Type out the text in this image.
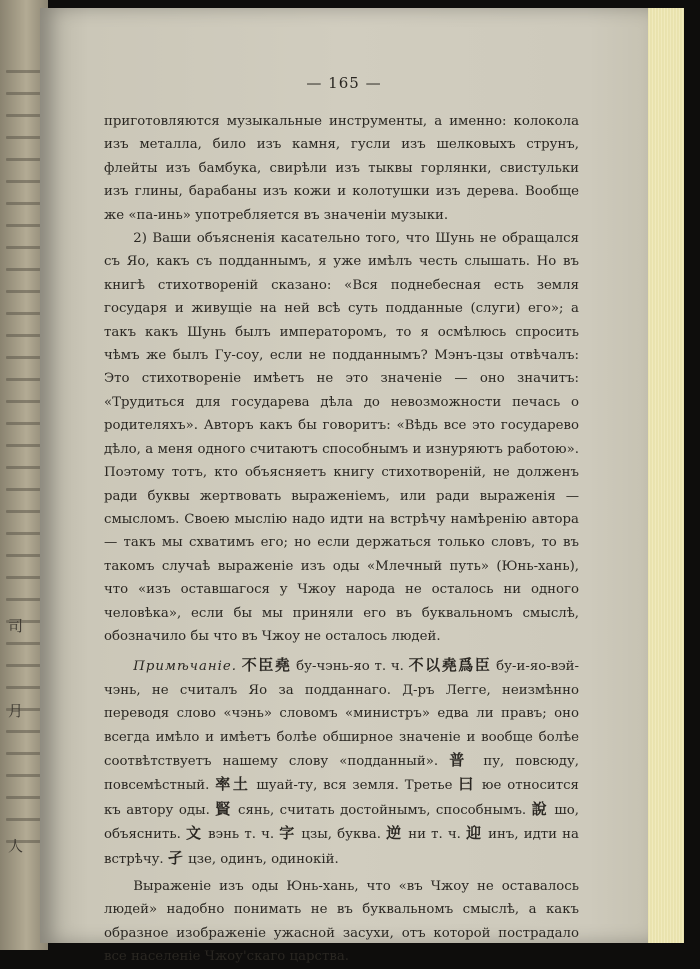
司
月
人
— 165 —

приготовляются музыкальные инструменты, а именно: колокола изъ металла, било изъ камня, гусли изъ шелковыхъ струнъ, флейты изъ бамбука, свирѣли изъ тыквы горлянки, свистульки изъ глины, барабаны изъ кожи и колотушки изъ дерева. Вообще же «па-инь» употребляется въ значеніи музыки.

2) Ваши объясненія касательно того, что Шунь не обращался съ Яо, какъ съ подданнымъ, я уже имѣлъ честь слышать. Но въ книгѣ стихотвореній сказано: «Вся поднебесная есть земля государя и живущіе на ней всѣ суть подданные (слуги) его»; а такъ какъ Шунь былъ императоромъ, то я осмѣлюсь спросить чѣмъ же былъ Гу-соу, если не подданнымъ? Мэнъ-цзы отвѣчалъ: Это стихотвореніе имѣетъ не это значеніе — оно значитъ: «Трудиться для государева дѣла до невозможности печась о родителяхъ». Авторъ какъ бы говоритъ: «Вѣдь все это государево дѣло, а меня одного считаютъ способнымъ и изнуряютъ работою». Поэтому тотъ, кто объясняетъ книгу стихотвореній, не долженъ ради буквы жертвовать выраженіемъ, или ради выраженія — смысломъ. Своею мыслію надо идти на встрѣчу намѣренію автора — такъ мы схватимъ его; но если держаться только словъ, то въ такомъ случаѣ выраженіе изъ оды «Млечный путь» (Юнь-хань), что «изъ оставшагося у Чжоу народа не осталось ни одного человѣка», если бы мы приняли его въ буквальномъ смыслѣ, обозначило бы что въ Чжоу не осталось людей.

Примѣчаніе. 不臣堯 бу-чэнь-яо т. ч. 不以堯爲臣 бу-и-яо-вэй-чэнь, не считалъ Яо за подданнаго. Д-ръ Легге, неизмѣнно переводя слово «чэнь» словомъ «министръ» едва ли правъ; оно всегда имѣло и имѣетъ болѣе обширное значеніе и вообще болѣе соотвѣтствуетъ нашему слову «подданный». 普 пу, повсюду, повсемѣстный. 率土 шуай-ту, вся земля. Третье 曰 юе относится къ автору оды. 賢 сянь, считать достойнымъ, способнымъ. 說 шо, объяснить. 文 вэнь т. ч. 字 цзы, буква. 逆 ни т. ч. 迎 инъ, идти на встрѣчу. 孑 цзе, одинъ, одинокій.

Выраженіе изъ оды Юнь-хань, что «въ Чжоу не оставалось людей» надобно понимать не въ буквальномъ смыслѣ, а какъ образное изображеніе ужасной засухи, отъ которой пострадало все населеніе Чжоу'скаго царства.
